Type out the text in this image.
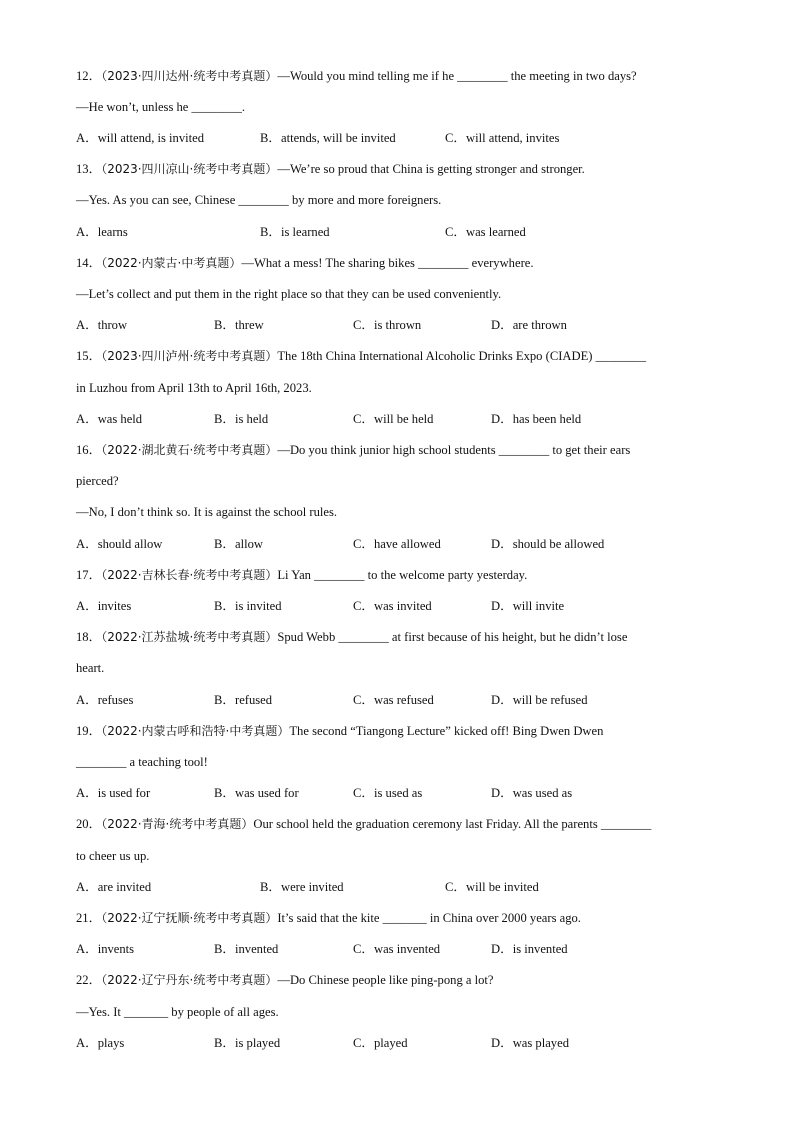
12．（2023·四川达州·统考中考真题）—Would you mind telling me if he ________ the meeting in two days?
—He won’t, unless he ________.
A．will attend, is invited	B．attends, will be invited	C．will attend, invites
13．（2023·四川凉山·统考中考真题）—We’re so proud that China is getting stronger and stronger.
—Yes. As you can see, Chinese ________ by more and more foreigners.
A．learns	B．is learned	C．was learned
14．（2022·内蒙古·中考真题）—What a mess! The sharing bikes ________ everywhere.
—Let’s collect and put them in the right place so that they can be used conveniently.
A．throw	B．threw	C．is thrown	D．are thrown
15．（2023·四川泸州·统考中考真题）The 18th China International Alcoholic Drinks Expo (CIADE) ________
in Luzhou from April 13th to April 16th, 2023.
A．was held	B．is held	C．will be held	D．has been held
16．（2022·湖北黄石·统考中考真题）—Do you think junior high school students ________ to get their ears
pierced?
—No, I don’t think so. It is against the school rules.
A．should allow	B．allow	C．have allowed	D．should be allowed
17．（2022·吉林长春·统考中考真题）Li Yan ________ to the welcome party yesterday.
A．invites	B．is invited	C．was invited	D．will invite
18．（2022·江苏盐城·统考中考真题）Spud Webb ________ at first because of his height, but he didn’t lose
heart.
A．refuses	B．refused	C．was refused	D．will be refused
19．（2022·内蒙古呼和浩特·中考真题）The second “Tiangong Lecture” kicked off! Bing Dwen Dwen
________ a teaching tool!
A．is used for	B．was used for	C．is used as	D．was used as
20．（2022·青海·统考中考真题）Our school held the graduation ceremony last Friday. All the parents ________
to cheer us up.
A．are invited	B．were invited	C．will be invited
21．（2022·辽宁抚顺·统考中考真题）It’s said that the kite _______ in China over 2000 years ago.
A．invents	B．invented	C．was invented	D．is invented
22．（2022·辽宁丹东·统考中考真题）—Do Chinese people like ping-pong a lot?
—Yes. It _______ by people of all ages.
A．plays	B．is played	C．played	D．was played
